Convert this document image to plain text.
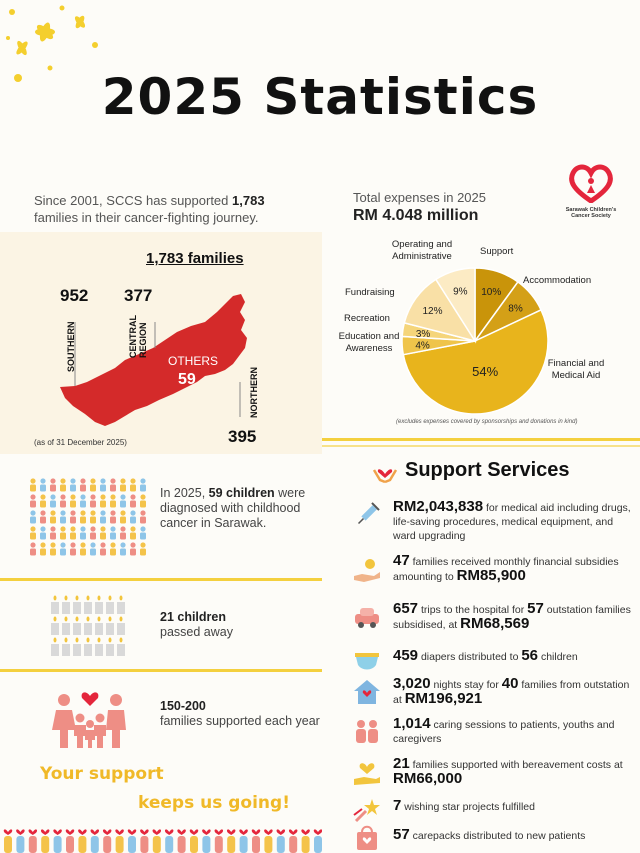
2025 Statistics
Since 2001, SCCS has supported 1,783 families in their cancer-fighting journey.
Total expenses in 2025
RM 4.048 million	Sarawak Children's Cancer Society
1,783 families
952 377
SOUTHERN	CENTRAL REGION
OTHERS
59	NORTHERN
395
(as of 31 December 2025)
10%
8%
54%
4%
3%
12%
9%
Operating and Administrative	Support
Accommodation
Fundraising
Recreation
Education and Awareness
Financial and Medical Aid
(excludes expenses covered by sponsorships and donations in kind)
In 2025, 59 children were diagnosed with childhood cancer in Sarawak.
21 children
passed away
150-200
families supported each year
Your support
keeps us going!
Support Services
RM2,043,838 for medical aid including drugs, life-saving procedures, medical equipment, and ward upgrading
47 families received monthly financial subsidies amounting to RM85,900
657 trips to the hospital for 57 outstation families subsidised, at RM68,569
459 diapers distributed to 56 children
3,020 nights stay for 40 families from outstation at RM196,921
1,014 caring sessions to patients, youths and caregivers
21 families supported with bereavement costs at RM66,000
7 wishing star projects fulfilled
57 carepacks distributed to new patients
